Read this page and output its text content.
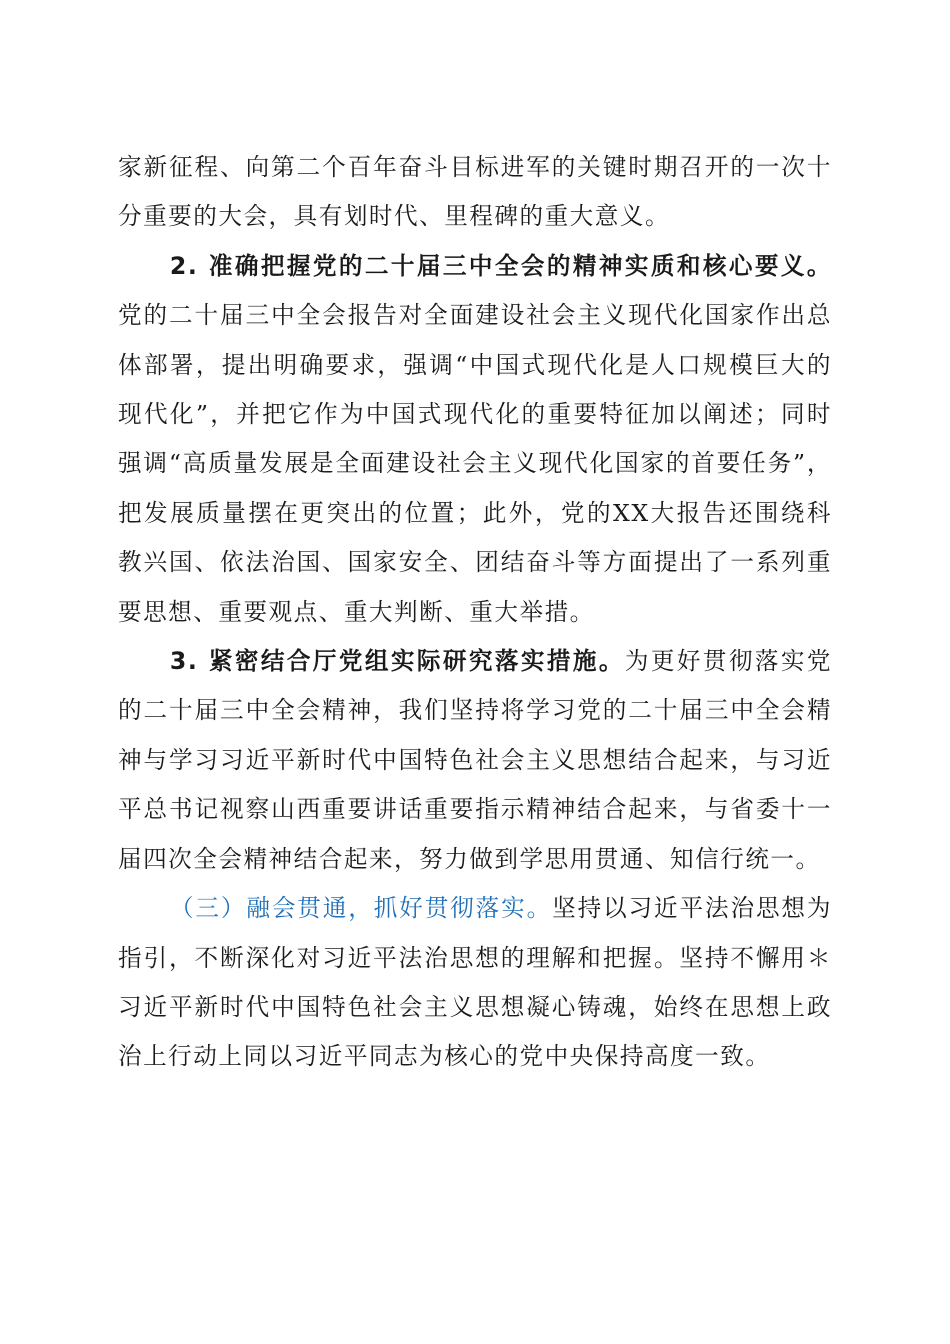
家新征程、向第二个百年奋斗目标进军的关键时期召开的一次十分重要的大会，具有划时代、里程碑的重大意义。

2. 准确把握党的二十届三中全会的精神实质和核心要义。党的二十届三中全会报告对全面建设社会主义现代化国家作出总体部署，提出明确要求，强调“中国式现代化是人口规模巨大的现代化”，并把它作为中国式现代化的重要特征加以阐述；同时强调“高质量发展是全面建设社会主义现代化国家的首要任务”，把发展质量摆在更突出的位置；此外，党的XX大报告还围绕科教兴国、依法治国、国家安全、团结奋斗等方面提出了一系列重要思想、重要观点、重大判断、重大举措。

3. 紧密结合厅党组实际研究落实措施。为更好贯彻落实党的二十届三中全会精神，我们坚持将学习党的二十届三中全会精神与学习习近平新时代中国特色社会主义思想结合起来，与习近平总书记视察山西重要讲话重要指示精神结合起来，与省委十一届四次全会精神结合起来，努力做到学思用贯通、知信行统一。

（三）融会贯通，抓好贯彻落实。坚持以习近平法治思想为指引，不断深化对习近平法治思想的理解和把握。坚持不懈用＊习近平新时代中国特色社会主义思想凝心铸魂，始终在思想上政治上行动上同以习近平同志为核心的党中央保持高度一致。
